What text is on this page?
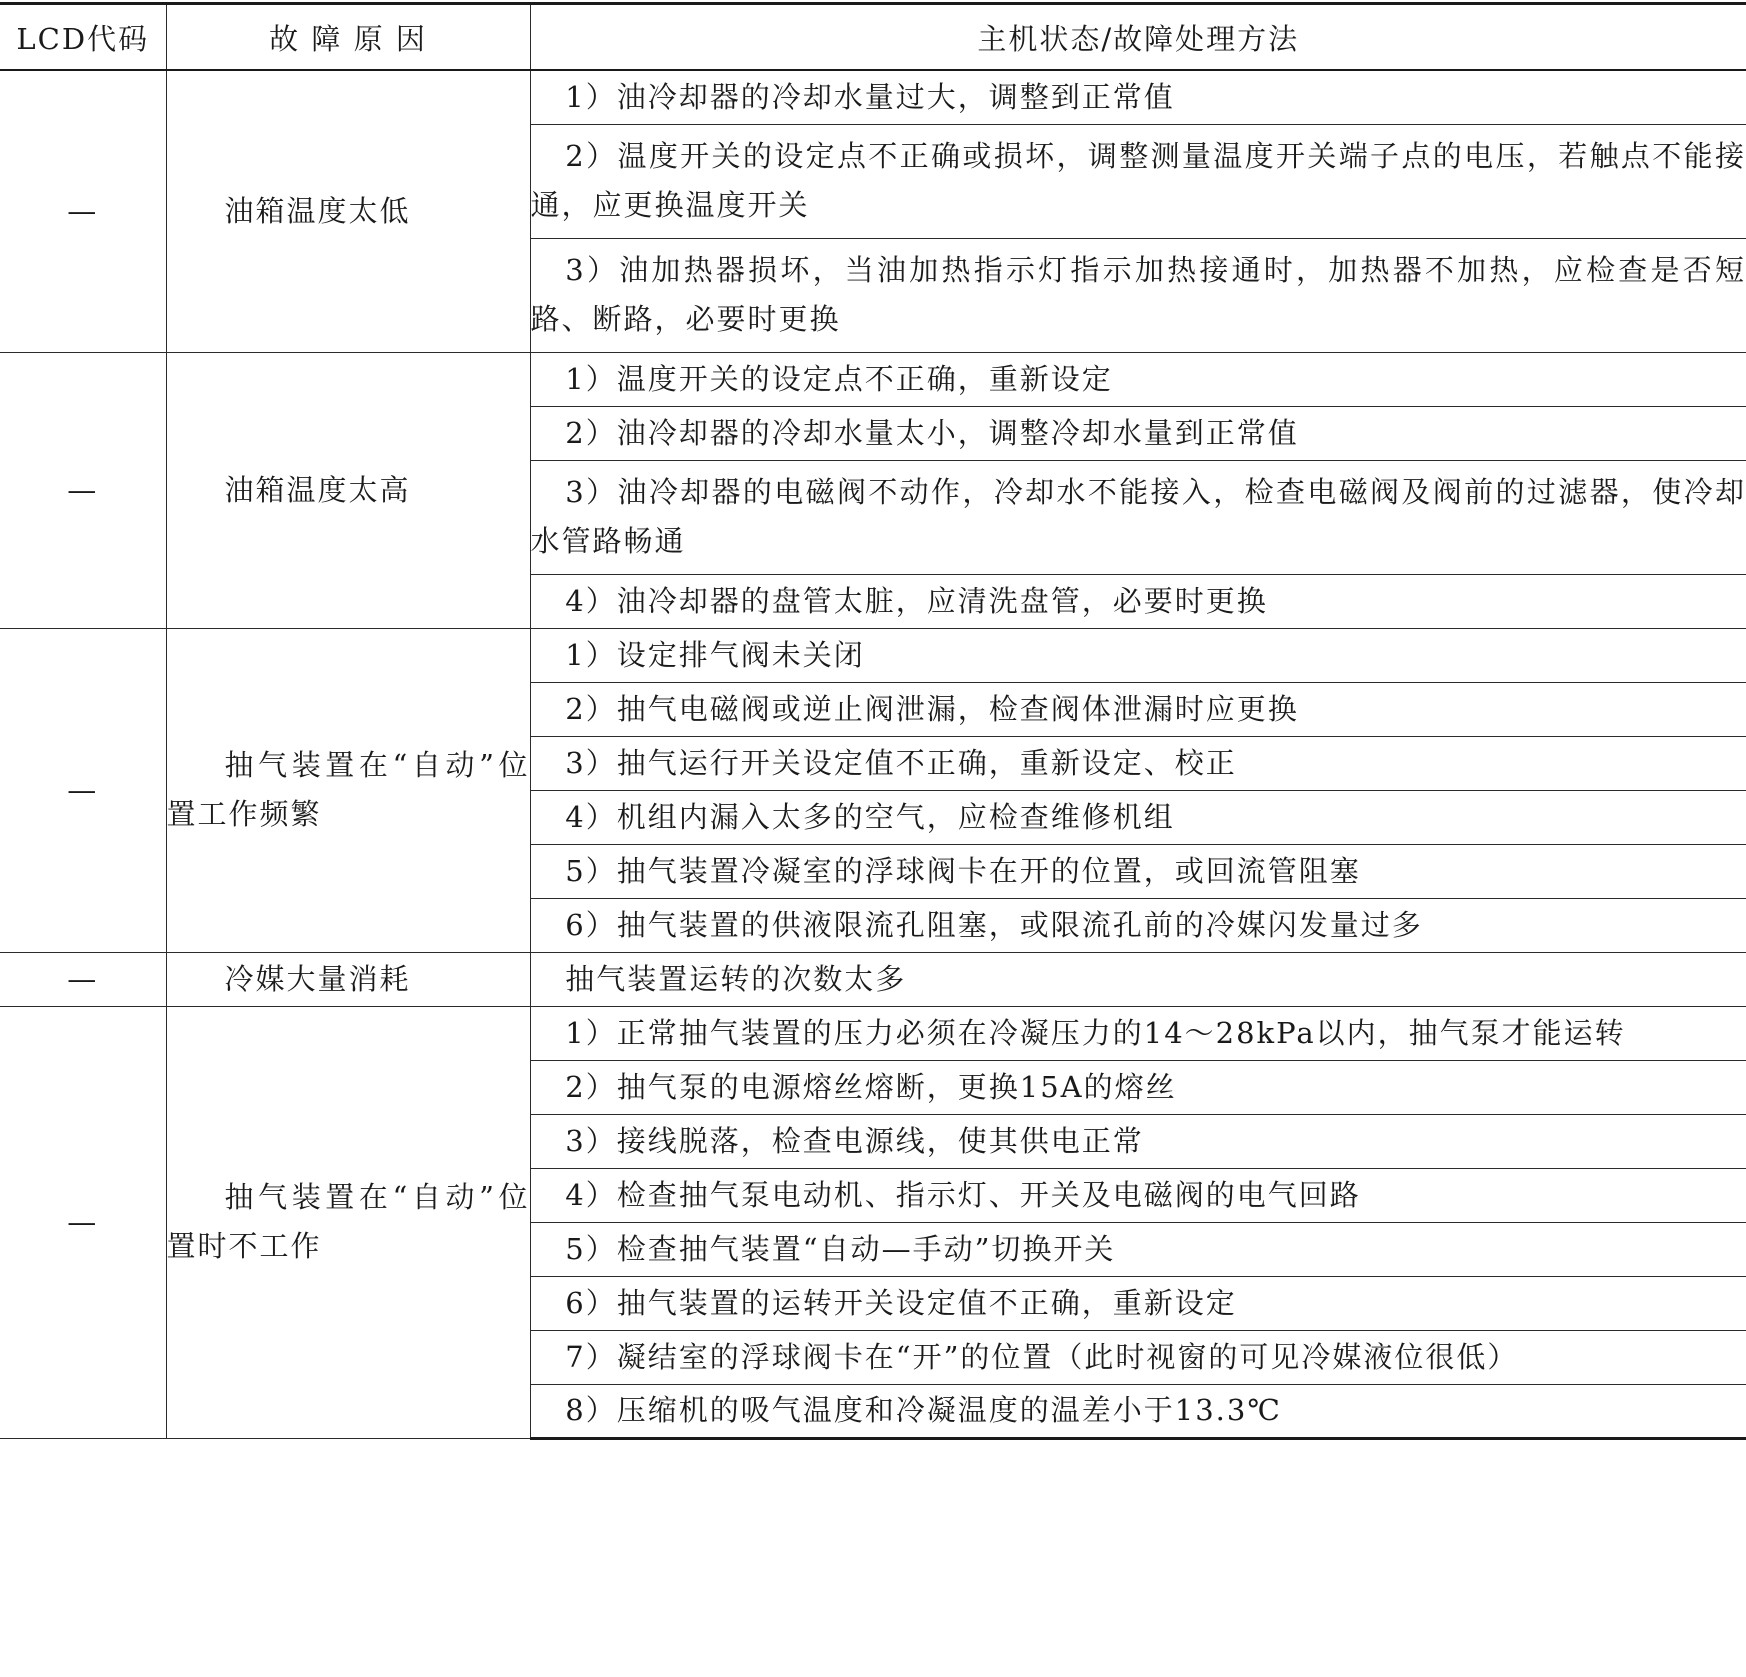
LCD代码	故 障 原 因	主机状态/故障处理方法
—	油箱温度太低	1）油冷却器的冷却水量过大，调整到正常值
		2）温度开关的设定点不正确或损坏，调整测量温度开关端子点的电压，若触点不能接通，应更换温度开关
		3）油加热器损坏，当油加热指示灯指示加热接通时，加热器不加热，应检查是否短路、断路，必要时更换
—	油箱温度太高	1）温度开关的设定点不正确，重新设定
		2）油冷却器的冷却水量太小，调整冷却水量到正常值
		3）油冷却器的电磁阀不动作，冷却水不能接入，检查电磁阀及阀前的过滤器，使冷却水管路畅通
		4）油冷却器的盘管太脏，应清洗盘管，必要时更换
—	抽气装置在“自动”位置工作频繁	1）设定排气阀未关闭
		2）抽气电磁阀或逆止阀泄漏，检查阀体泄漏时应更换
		3）抽气运行开关设定值不正确，重新设定、校正
		4）机组内漏入太多的空气，应检查维修机组
		5）抽气装置冷凝室的浮球阀卡在开的位置，或回流管阻塞
		6）抽气装置的供液限流孔阻塞，或限流孔前的冷媒闪发量过多
—	冷媒大量消耗	抽气装置运转的次数太多
—	抽气装置在“自动”位置时不工作	1）正常抽气装置的压力必须在冷凝压力的14～28kPa以内，抽气泵才能运转
		2）抽气泵的电源熔丝熔断，更换15A的熔丝
		3）接线脱落，检查电源线，使其供电正常
		4）检查抽气泵电动机、指示灯、开关及电磁阀的电气回路
		5）检查抽气装置“自动—手动”切换开关
		6）抽气装置的运转开关设定值不正确，重新设定
		7）凝结室的浮球阀卡在“开”的位置（此时视窗的可见冷媒液位很低）
		8）压缩机的吸气温度和冷凝温度的温差小于13.3℃
